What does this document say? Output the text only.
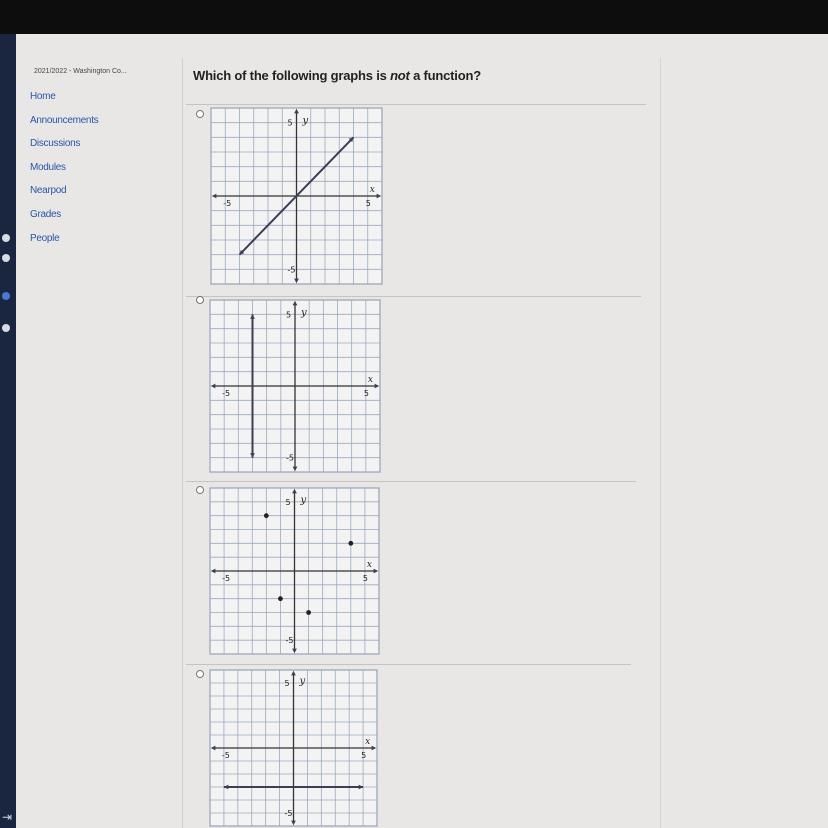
⇥
2021/2022 - Washington Co...
Home
Announcements
Discussions
Modules
Nearpod
Grades
People
Which of the following graphs is not a function?
-5	5
5
-5
x
y
-5	5
5
-5
x
y
-5	5
5
-5
x
y
-5	5
5
-5
x
y
